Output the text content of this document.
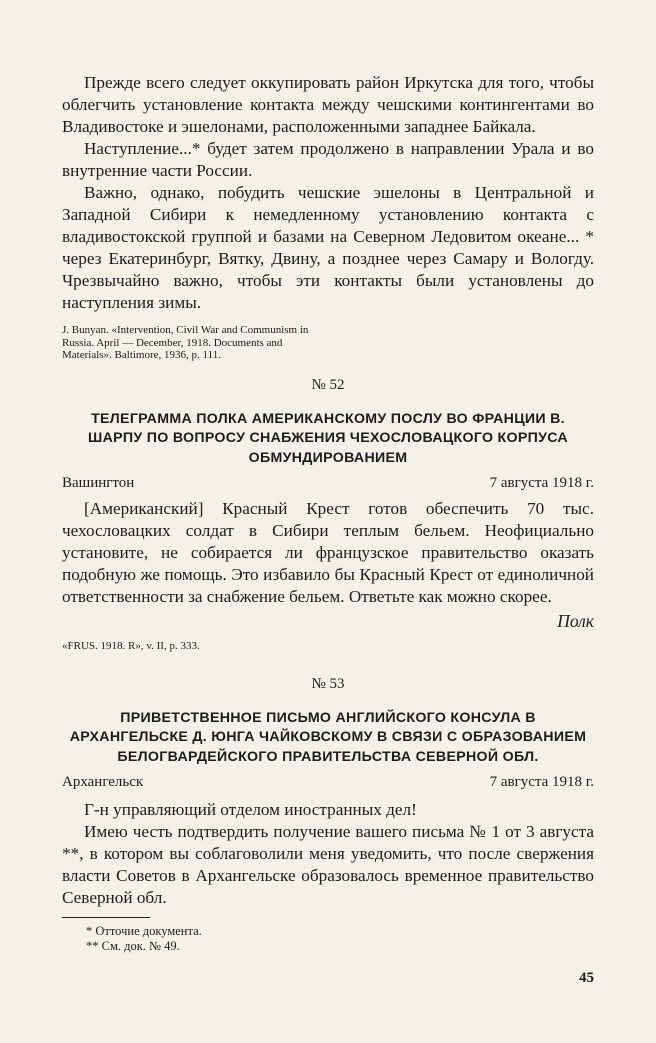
Прежде всего следует оккупировать район Иркутска для того, чтобы облегчить установление контакта между чешскими контингентами во Владивостоке и эшелонами, расположенными западнее Байкала.

Наступление...* будет затем продолжено в направлении Урала и во внутренние части России.

Важно, однако, побудить чешские эшелоны в Центральной и Западной Сибири к немедленному установлению контакта с владивостокской группой и базами на Северном Ледовитом океане... * через Екатеринбург, Вятку, Двину, а позднее через Самару и Вологду. Чрезвычайно важно, чтобы эти контакты были установлены до наступления зимы.

J. Bunyan. «Intervention, Civil War and Communism in Russia. April — December, 1918. Documents and Materials». Baltimore, 1936, p. 111.

№ 52

ТЕЛЕГРАММА ПОЛКА АМЕРИКАНСКОМУ ПОСЛУ ВО ФРАНЦИИ В. ШАРПУ ПО ВОПРОСУ СНАБЖЕНИЯ ЧЕХОСЛОВАЦКОГО КОРПУСА ОБМУНДИРОВАНИЕМ

Вашингтон	7 августа 1918 г.

[Американский] Красный Крест готов обеспечить 70 тыс. чехословацких солдат в Сибири теплым бельем. Неофициально установите, не собирается ли французское правительство оказать подобную же помощь. Это избавило бы Красный Крест от единоличной ответственности за снабжение бельем. Ответьте как можно скорее.

Полк

«FRUS. 1918. R», v. II, p. 333.

№ 53

ПРИВЕТСТВЕННОЕ ПИСЬМО АНГЛИЙСКОГО КОНСУЛА В АРХАНГЕЛЬСКЕ Д. ЮНГА ЧАЙКОВСКОМУ В СВЯЗИ С ОБРАЗОВАНИЕМ БЕЛОГВАРДЕЙСКОГО ПРАВИТЕЛЬСТВА СЕВЕРНОЙ ОБЛ.

Архангельск	7 августа 1918 г.

Г-н управляющий отделом иностранных дел!

Имею честь подтвердить получение вашего письма № 1 от 3 августа **, в котором вы соблаговолили меня уведомить, что после свержения власти Советов в Архангельске образовалось временное правительство Северной обл.

* Отточие документа.

** См. док. № 49.

45
